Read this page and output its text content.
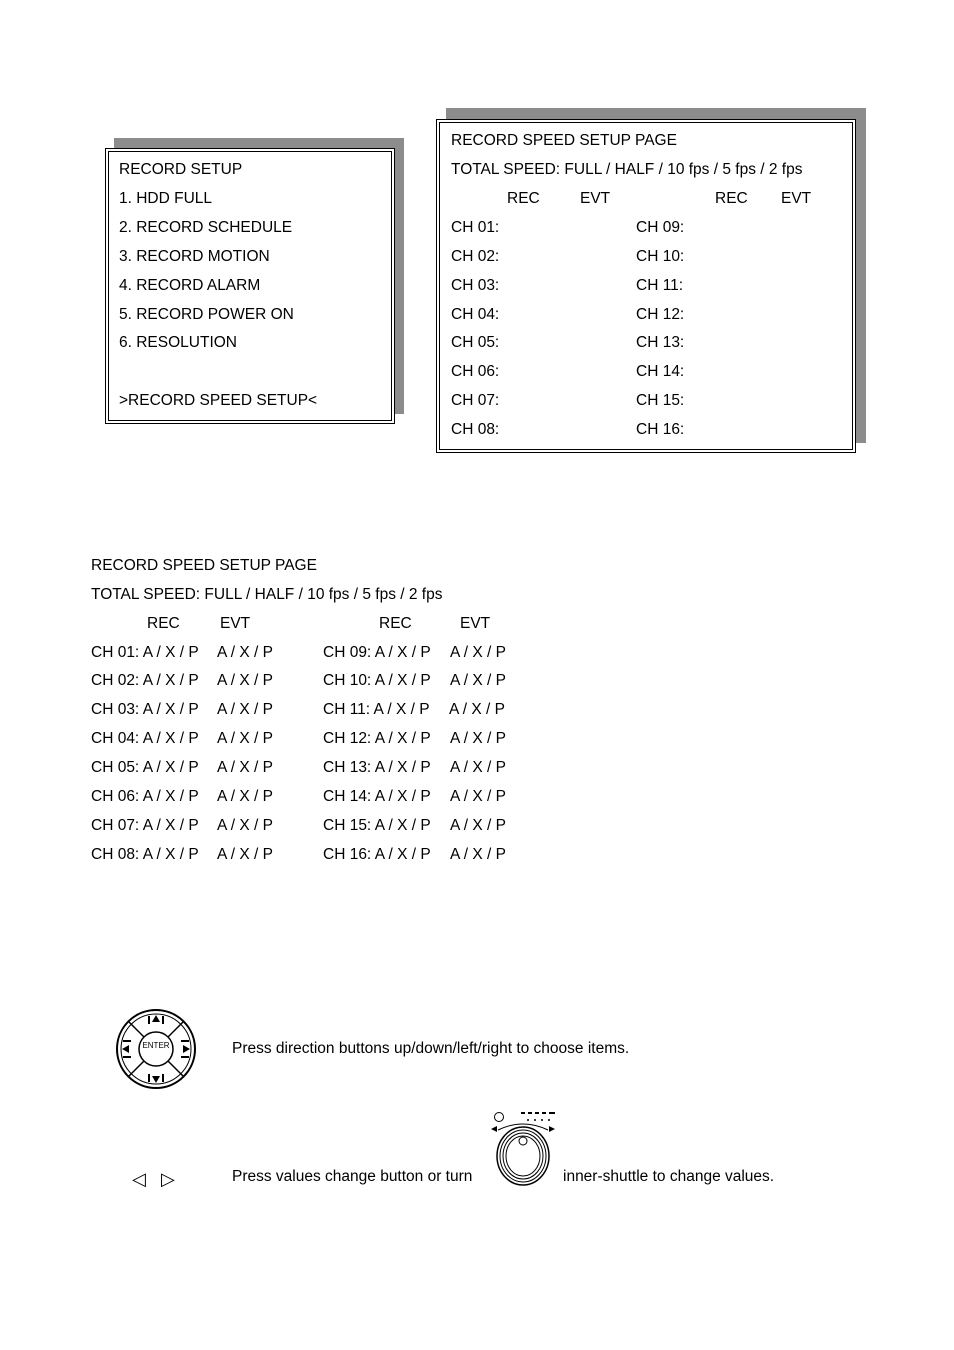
RECORD SETUP
1. HDD FULL
2. RECORD SCHEDULE
3. RECORD MOTION
4. RECORD ALARM
5. RECORD POWER ON
6. RESOLUTION
>RECORD SPEED SETUP<
RECORD SPEED SETUP PAGE
TOTAL SPEED: FULL / HALF / 10 fps / 5 fps / 2 fps
REC	EVT	REC EVT
CH 01:
CH 02:
CH 03:
CH 04:
CH 05:
CH 06:
CH 07:
CH 08:
CH 09:
CH 10:
CH 11:
CH 12:
CH 13:
CH 14:
CH 15:
CH 16:
RECORD SPEED SETUP PAGE
TOTAL SPEED: FULL / HALF / 10 fps / 5 fps / 2 fps
REC	EVT	REC	EVT
CH 01: A / X / P A / X / P
CH 02: A / X / P A / X / P
CH 03: A / X / P A / X / P
CH 04: A / X / P A / X / P
CH 05: A / X / P A / X / P
CH 06: A / X / P A / X / P
CH 07: A / X / P A / X / P
CH 08: A / X / P A / X / P
CH 09: A / X / P A / X / P
CH 10: A / X / P A / X / P
CH 11: A / X / P A / X / P
CH 12: A / X / P A / X / P
CH 13: A / X / P A / X / P
CH 14: A / X / P A / X / P
CH 15: A / X / P A / X / P
CH 16: A / X / P A / X / P
ENTER	Press direction buttons up/down/left/right to choose items.
◁ ▷	Press values change button or turn	inner-shuttle to change values.
